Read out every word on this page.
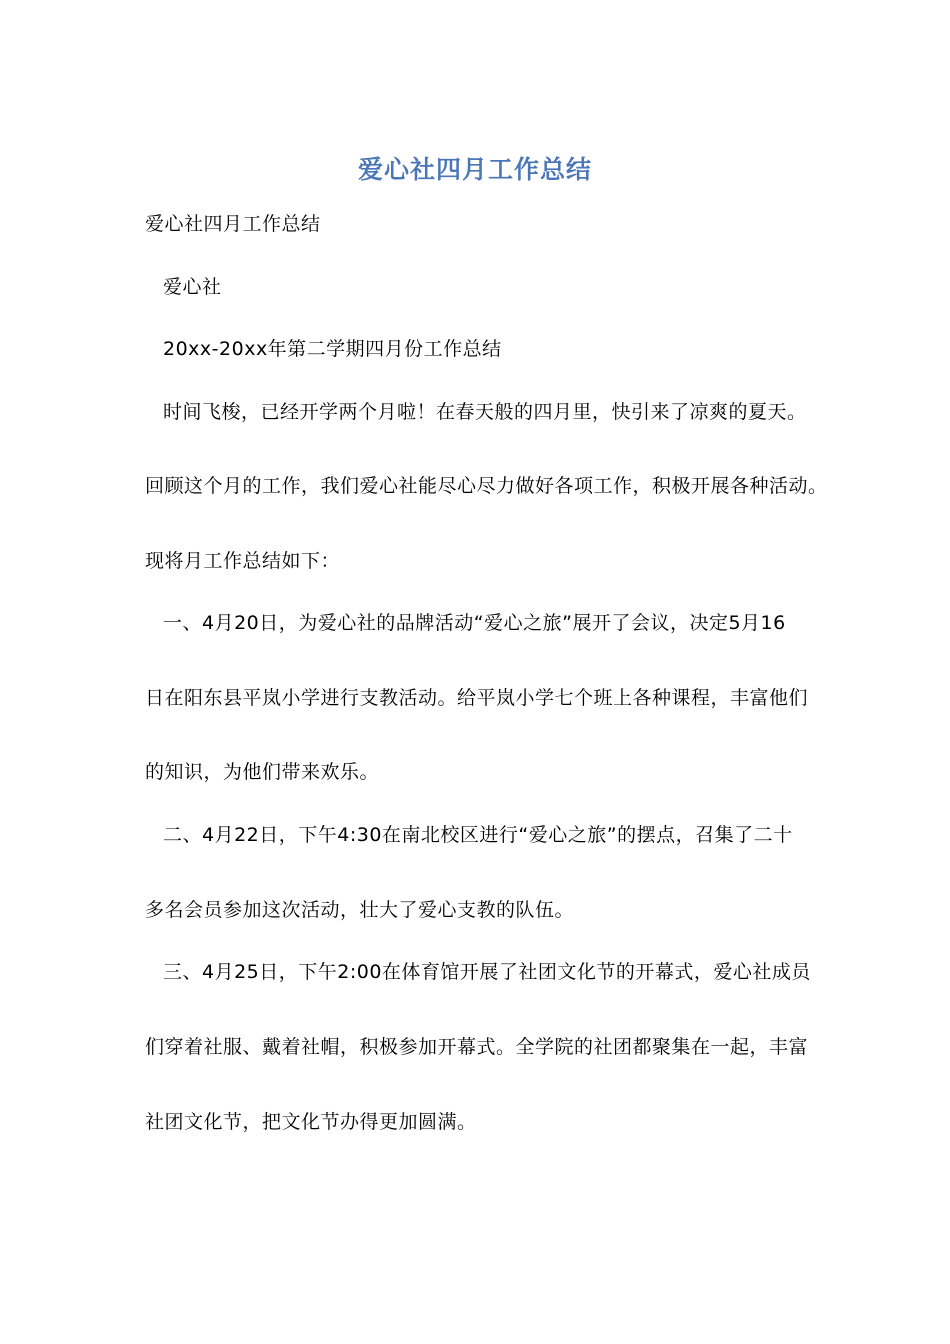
爱心社四月工作总结
爱心社四月工作总结
爱心社
20xx-20xx年第二学期四月份工作总结
时间飞梭，已经开学两个月啦！在春天般的四月里，快引来了凉爽的夏天。
回顾这个月的工作，我们爱心社能尽心尽力做好各项工作，积极开展各种活动。
现将月工作总结如下：
一、4月20日，为爱心社的品牌活动“爱心之旅”展开了会议，决定5月16
日在阳东县平岚小学进行支教活动。给平岚小学七个班上各种课程，丰富他们
的知识，为他们带来欢乐。
二、4月22日，下午4:30在南北校区进行“爱心之旅”的摆点，召集了二十
多名会员参加这次活动，壮大了爱心支教的队伍。
三、4月25日，下午2:00在体育馆开展了社团文化节的开幕式，爱心社成员
们穿着社服、戴着社帽，积极参加开幕式。全学院的社团都聚集在一起，丰富
社团文化节，把文化节办得更加圆满。
